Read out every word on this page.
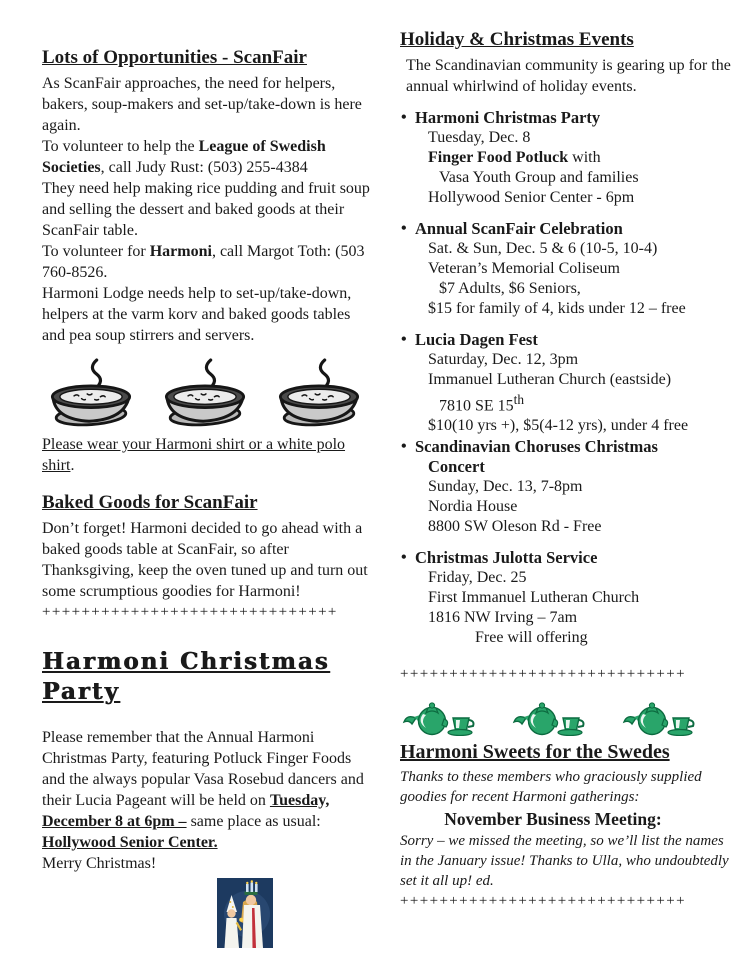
Lots of Opportunities - ScanFair
As ScanFair approaches, the need for helpers, bakers, soup-makers and set-up/take-down is here again.
To volunteer to help the League of Swedish Societies, call Judy Rust: (503) 255-4384
They need help making rice pudding and fruit soup and selling the dessert and baked goods at their ScanFair table.
To volunteer for Harmoni, call Margot Toth: (503 760-8526.
Harmoni Lodge needs help to set-up/take-down, helpers at the varm korv and baked goods tables and pea soup stirrers and servers.
Please wear your Harmoni shirt or a white polo shirt.
Baked Goods for ScanFair
Don’t forget! Harmoni decided to go ahead with a baked goods table at ScanFair, so after Thanksgiving, keep the oven tuned up and turn out some scrumptious goodies for Harmoni!
++++++++++++++++++++++++++++++
Harmoni Christmas Party
Please remember that the Annual Harmoni Christmas Party, featuring Potluck Finger Foods and the always popular Vasa Rosebud dancers and their Lucia Pageant will be held on Tuesday, December 8 at 6pm – same place as usual: Hollywood Senior Center.
Merry Christmas!
Holiday & Christmas Events
The Scandinavian community is gearing up for the annual whirlwind of holiday events.
• Harmoni Christmas Party
Tuesday, Dec. 8
Finger Food Potluck with
Vasa Youth Group and families
Hollywood Senior Center - 6pm
• Annual ScanFair Celebration
Sat. & Sun, Dec. 5 & 6 (10-5, 10-4)
Veteran’s Memorial Coliseum
$7 Adults, $6 Seniors,
$15 for family of 4, kids under 12 – free
• Lucia Dagen Fest
Saturday, Dec. 12, 3pm
Immanuel Lutheran Church (eastside)
7810 SE 15th
$10(10 yrs +), $5(4-12 yrs), under 4 free
• Scandinavian Choruses Christmas
Concert
Sunday, Dec. 13, 7-8pm
Nordia House
8800 SW Oleson Rd - Free
• Christmas Julotta Service
Friday, Dec. 25
First Immanuel Lutheran Church
1816 NW Irving – 7am
Free will offering
+++++++++++++++++++++++++++++
Harmoni Sweets for the Swedes
Thanks to these members who graciously supplied goodies for recent Harmoni gatherings:
November Business Meeting:
Sorry – we missed the meeting, so we’ll list the names in the January issue! Thanks to Ulla, who undoubtedly set it all up! ed.
+++++++++++++++++++++++++++++
